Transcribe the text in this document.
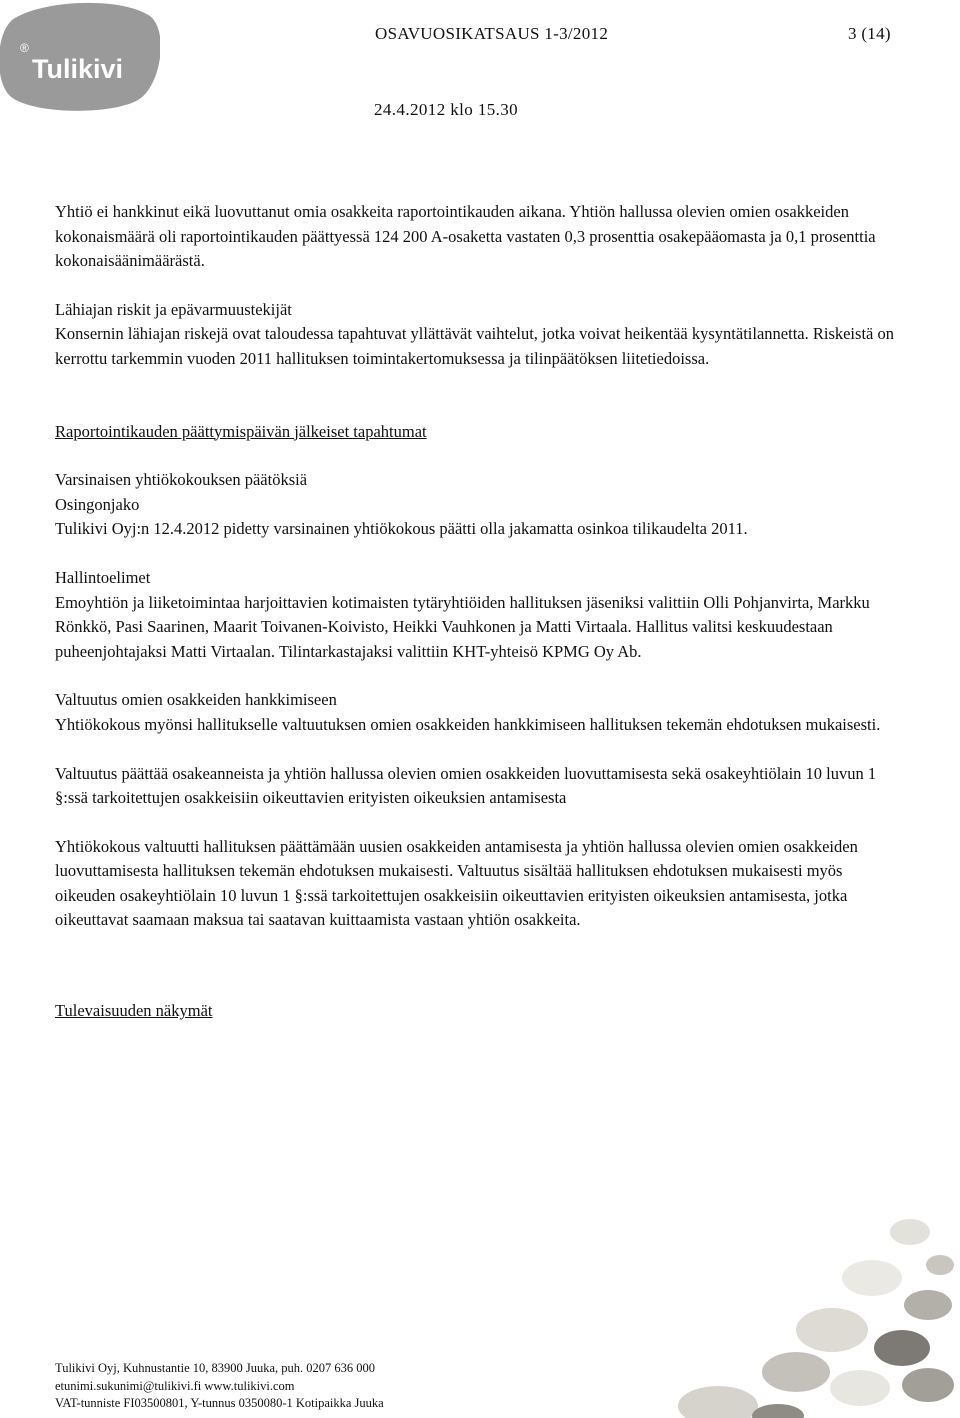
®
Tulikivi
OSAVUOSIKATSAUS 1-3/2012	3 (14)
24.4.2012 klo 15.30

Yhtiö ei hankkinut eikä luovuttanut omia osakkeita raportointikauden aikana. Yhtiön hallussa olevien omien osakkeiden kokonaismäärä oli raportointikauden päättyessä 124 200 A-osaketta vastaten 0,3 prosenttia osakepääomasta ja 0,1 prosenttia kokonaisäänimäärästä.

Lähiajan riskit ja epävarmuustekijät

Konsernin lähiajan riskejä ovat taloudessa tapahtuvat yllättävät vaihtelut, jotka voivat heikentää kysyntätilannetta. Riskeistä on kerrottu tarkemmin vuoden 2011 hallituksen toimintakertomuksessa ja tilinpäätöksen liitetiedoissa.

Raportointikauden päättymispäivän jälkeiset tapahtumat

Varsinaisen yhtiökokouksen päätöksiä

Osingonjako

Tulikivi Oyj:n 12.4.2012 pidetty varsinainen yhtiökokous päätti olla jakamatta osinkoa tilikaudelta 2011.

Hallintoelimet

Emoyhtiön ja liiketoimintaa harjoittavien kotimaisten tytäryhtiöiden hallituksen jäseniksi valittiin Olli Pohjanvirta, Markku Rönkkö, Pasi Saarinen, Maarit Toivanen-Koivisto, Heikki Vauhkonen ja Matti Virtaala. Hallitus valitsi keskuudestaan puheenjohtajaksi Matti Virtaalan. Tilintarkastajaksi valittiin KHT-yhteisö KPMG Oy Ab.

Valtuutus omien osakkeiden hankkimiseen

Yhtiökokous myönsi hallitukselle valtuutuksen omien osakkeiden hankkimiseen hallituksen tekemän ehdotuksen mukaisesti.

Valtuutus päättää osakeanneista ja yhtiön hallussa olevien omien osakkeiden luovuttamisesta sekä osakeyhtiölain 10 luvun 1 §:ssä tarkoitettujen osakkeisiin oikeuttavien erityisten oikeuksien antamisesta

Yhtiökokous valtuutti hallituksen päättämään uusien osakkeiden antamisesta ja yhtiön hallussa olevien omien osakkeiden luovuttamisesta hallituksen tekemän ehdotuksen mukaisesti. Valtuutus sisältää hallituksen ehdotuksen mukaisesti myös oikeuden osakeyhtiölain 10 luvun 1 §:ssä tarkoitettujen osakkeisiin oikeuttavien erityisten oikeuksien antamisesta, jotka oikeuttavat saamaan maksua tai saatavan kuittaamista vastaan yhtiön osakkeita.

Tulevaisuuden näkymät

Tulikivi Oyj, Kuhnustantie 10, 83900 Juuka, puh. 0207 636 000
etunimi.sukunimi@tulikivi.fi www.tulikivi.com
VAT-tunniste FI03500801, Y-tunnus 0350080-1 Kotipaikka Juuka
